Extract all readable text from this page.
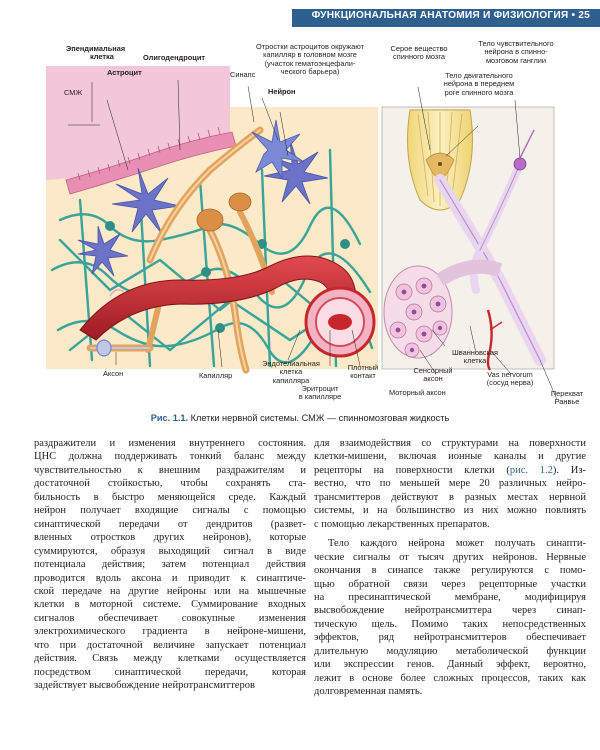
ФУНКЦИОНАЛЬНАЯ АНАТОМИЯ И ФИЗИОЛОГИЯ • 25
Эпендимальная
клетка
Астроцит
Олигодендроцит
СМЖ
Отростки астроцитов окружают
капилляр в головном мозге
(участок гематоэнцефали-
ческого барьера)
Синапс
Нейрон
Аксон	Капилляр
Эндотелиальная
клетка
капилляра
Эритроцит
в капилляре
Плотный
контакт
Серое вещество
спинного мозга
Тело чувствительного
нейрона в спинно-
мозговом ганглии
Тело двигательного
нейрона в переднем
роге спинного мозга
Сенсорный
аксон
Моторный аксон
Шванновская
клетка
Vas nervorum
(сосуд нерва)
Перехват
Ранвье
Рис. 1.1. Клетки нервной системы. СМЖ — спинномозговая жидкость

раздражители и изменения внутреннего состояния.
ЦНС должна поддерживать тонкий баланс между
чувствительностью к внешним раздражителям и
достаточной стойкостью, чтобы сохранять ста-
бильность в быстро меняющейся среде. Каждый
нейрон получает входящие сигналы с помощью
синаптической передачи от дендритов (развет-
вленных отростков других нейронов), которые
суммируются, образуя выходящий сигнал в виде
потенциала действия; затем потенциал действия
проводится вдоль аксона и приводит к синаптиче-
ской передаче на другие нейроны или на мышечные
клетки в моторной системе. Суммирование входных
сигналов обеспечивает совокупные изменения
электрохимического градиента в нейроне-мишени,
что при достаточной величине запускает потенциал
действия. Связь между клетками осуществляется
посредством синаптической передачи, которая
задействует высвобождение нейротрансмиттеров

для взаимодействия со структурами на поверхности
клетки-мишени, включая ионные каналы и другие
рецепторы на поверхности клетки (рис. 1.2). Из-
вестно, что по меньшей мере 20 различных нейро-
трансмиттеров действуют в разных местах нервной
системы, и на большинство из них можно повлиять
с помощью лекарственных препаратов.

Тело каждого нейрона может получать синапти-
ческие сигналы от тысяч других нейронов. Нервные
окончания в синапсе также регулируются с помо-
щью обратной связи через рецепторные участки
на пресинаптической мембране, модифицируя
высвобождение нейротрансмиттера через синап-
тическую щель. Помимо таких непосредственных
эффектов, ряд нейротрансмиттеров обеспечивает
длительную модуляцию метаболической функции
или экспрессии генов. Данный эффект, вероятно,
лежит в основе более сложных процессов, таких как
долговременная память.
